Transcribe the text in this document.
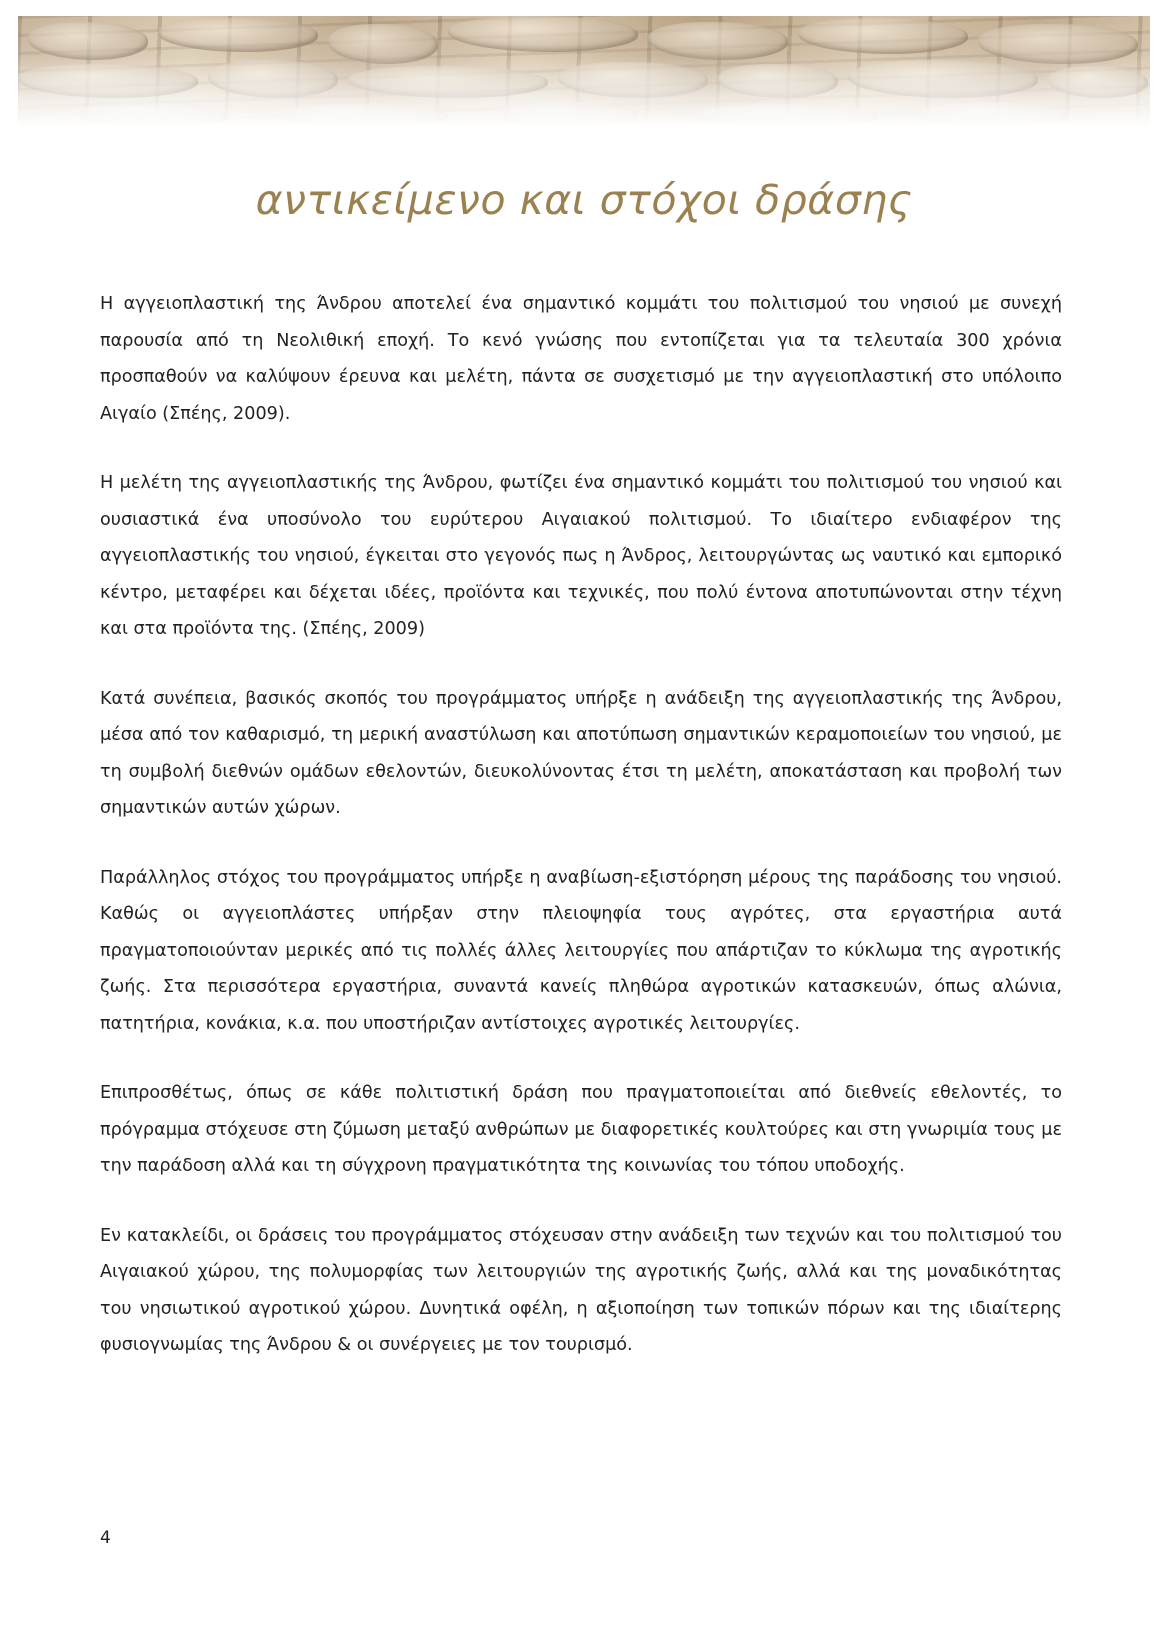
αντικείμενο και στόχοι δράσης

Η αγγειοπλαστική της Άνδρου αποτελεί ένα σημαντικό κομμάτι του πολιτισμού του νησιού με συνεχή παρουσία από τη Νεολιθική εποχή. Το κενό γνώσης που εντοπίζεται για τα τελευταία 300 χρόνια προσπαθούν να καλύψουν έρευνα και μελέτη, πάντα σε συσχετισμό με την αγγειοπλαστική στο υπόλοιπο Αιγαίο (Σπέης, 2009).

Η μελέτη της αγγειοπλαστικής της Άνδρου, φωτίζει ένα σημαντικό κομμάτι του πολιτισμού του νησιού και ουσιαστικά ένα υποσύνολο του ευρύτερου Αιγαιακού πολιτισμού. Το ιδιαίτερο ενδιαφέρον της αγγειοπλαστικής του νησιού, έγκειται στο γεγονός πως η Άνδρος, λειτουργώντας ως ναυτικό και εμπορικό κέντρο, μεταφέρει και δέχεται ιδέες, προϊόντα και τεχνικές, που πολύ έντονα αποτυπώνονται στην τέχνη και στα προϊόντα της. (Σπέης, 2009)

Κατά συνέπεια, βασικός σκοπός του προγράμματος υπήρξε η ανάδειξη της αγγειοπλαστικής της Άνδρου, μέσα από τον καθαρισμό, τη μερική αναστύλωση και αποτύπωση σημαντικών κεραμοποιείων του νησιού, με τη συμβολή διεθνών ομάδων εθελοντών, διευκολύνοντας έτσι τη μελέτη, αποκατάσταση και προβολή των σημαντικών αυτών χώρων.

Παράλληλος στόχος του προγράμματος υπήρξε η αναβίωση-εξιστόρηση μέρους της παράδοσης του νησιού. Καθώς οι αγγειοπλάστες υπήρξαν στην πλειοψηφία τους αγρότες, στα εργαστήρια αυτά πραγματοποιούνταν μερικές από τις πολλές άλλες λειτουργίες που απάρτιζαν το κύκλωμα της αγροτικής ζωής. Στα περισσότερα εργαστήρια, συναντά κανείς πληθώρα αγροτικών κατασκευών, όπως αλώνια, πατητήρια, κονάκια, κ.α. που υποστήριζαν αντίστοιχες αγροτικές λειτουργίες.

Επιπροσθέτως, όπως σε κάθε πολιτιστική δράση που πραγματοποιείται από διεθνείς εθελοντές, το πρόγραμμα στόχευσε στη ζύμωση μεταξύ ανθρώπων με διαφορετικές κουλτούρες και στη γνωριμία τους με την παράδοση αλλά και τη σύγχρονη πραγματικότητα της κοινωνίας του τόπου υποδοχής.

Εν κατακλείδι, οι δράσεις του προγράμματος στόχευσαν στην ανάδειξη των τεχνών και του πολιτισμού του Αιγαιακού χώρου, της πολυμορφίας των λειτουργιών της αγροτικής ζωής, αλλά και της μοναδικότητας του νησιωτικού αγροτικού χώρου. Δυνητικά οφέλη, η αξιοποίηση των τοπικών πόρων και της ιδιαίτερης φυσιογνωμίας της Άνδρου & οι συνέργειες με τον τουρισμό.

4
